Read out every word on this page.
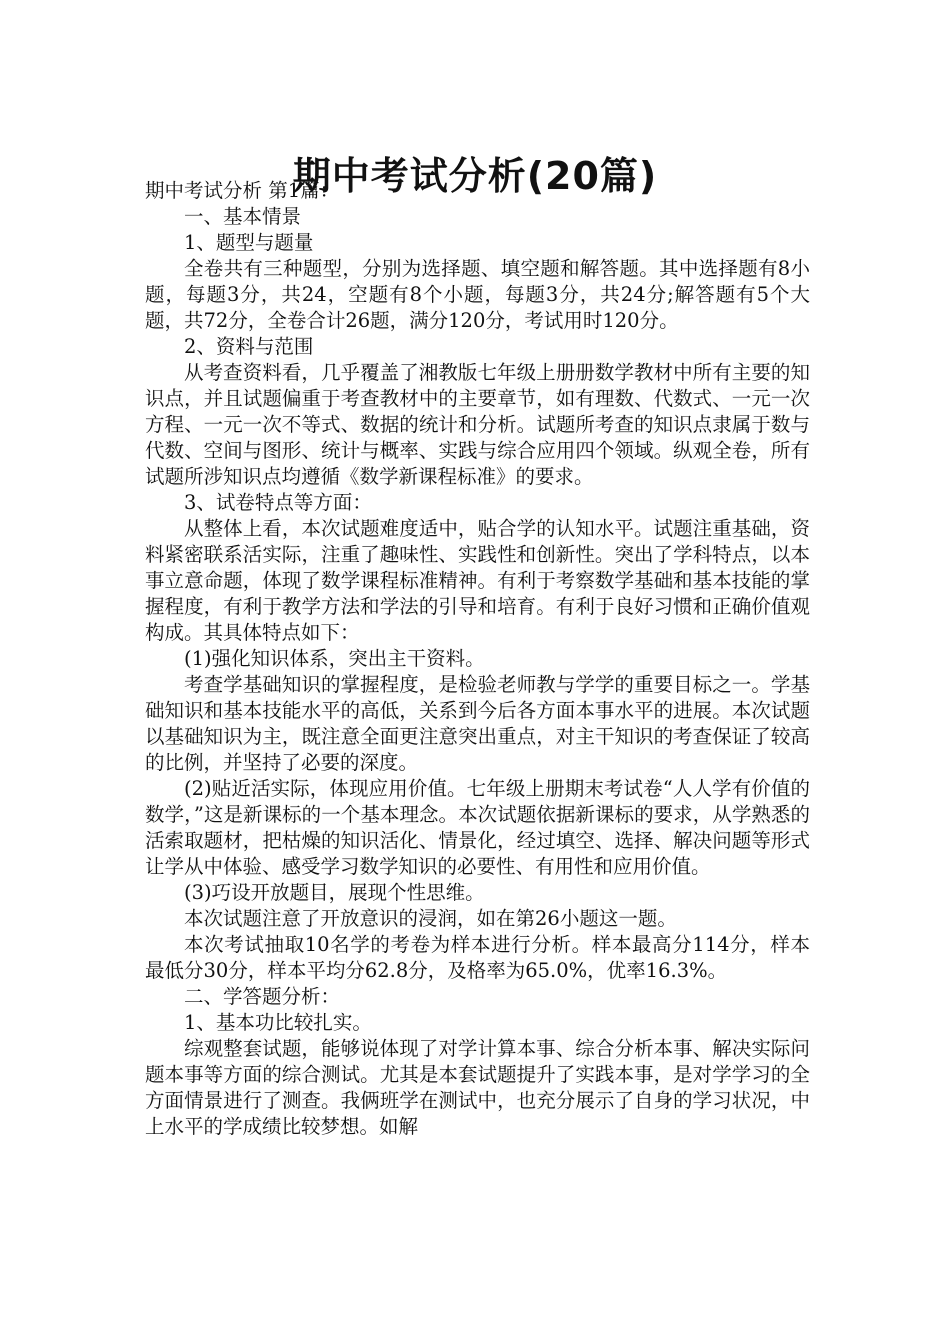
期中考试分析(20篇)

期中考试分析 第1篇：

一、基本情景

1、题型与题量

全卷共有三种题型，分别为选择题、填空题和解答题。其中选择题有8小题，每题3分，共24，空题有8个小题，每题3分，共24分;解答题有5个大题，共72分，全卷合计26题，满分120分，考试用时120分。

2、资料与范围

从考查资料看，几乎覆盖了湘教版七年级上册册数学教材中所有主要的知识点，并且试题偏重于考查教材中的主要章节，如有理数、代数式、一元一次方程、一元一次不等式、数据的统计和分析。试题所考查的知识点隶属于数与代数、空间与图形、统计与概率、实践与综合应用四个领域。纵观全卷，所有试题所涉知识点均遵循《数学新课程标准》的要求。

3、试卷特点等方面：

从整体上看，本次试题难度适中，贴合学的认知水平。试题注重基础，资料紧密联系活实际，注重了趣味性、实践性和创新性。突出了学科特点，以本事立意命题，体现了数学课程标准精神。有利于考察数学基础和基本技能的掌握程度，有利于教学方法和学法的引导和培育。有利于良好习惯和正确价值观构成。其具体特点如下：

(1)强化知识体系，突出主干资料。

考查学基础知识的掌握程度，是检验老师教与学学的重要目标之一。学基础知识和基本技能水平的高低，关系到今后各方面本事水平的进展。本次试题以基础知识为主，既注意全面更注意突出重点，对主干知识的考查保证了较高的比例，并坚持了必要的深度。

(2)贴近活实际，体现应用价值。七年级上册期末考试卷“人人学有价值的数学，”这是新课标的一个基本理念。本次试题依据新课标的要求，从学熟悉的活索取题材，把枯燥的知识活化、情景化，经过填空、选择、解决问题等形式让学从中体验、感受学习数学知识的必要性、有用性和应用价值。

(3)巧设开放题目，展现个性思维。

本次试题注意了开放意识的浸润，如在第26小题这一题。

本次考试抽取10名学的考卷为样本进行分析。样本最高分114分，样本最低分30分，样本平均分62.8分，及格率为65.0%，优率16.3%。

二、学答题分析：

1、基本功比较扎实。

综观整套试题，能够说体现了对学计算本事、综合分析本事、解决实际问题本事等方面的综合测试。尤其是本套试题提升了实践本事，是对学学习的全方面情景进行了测查。我俩班学在测试中，也充分展示了自身的学习状况，中上水平的学成绩比较梦想。如解
